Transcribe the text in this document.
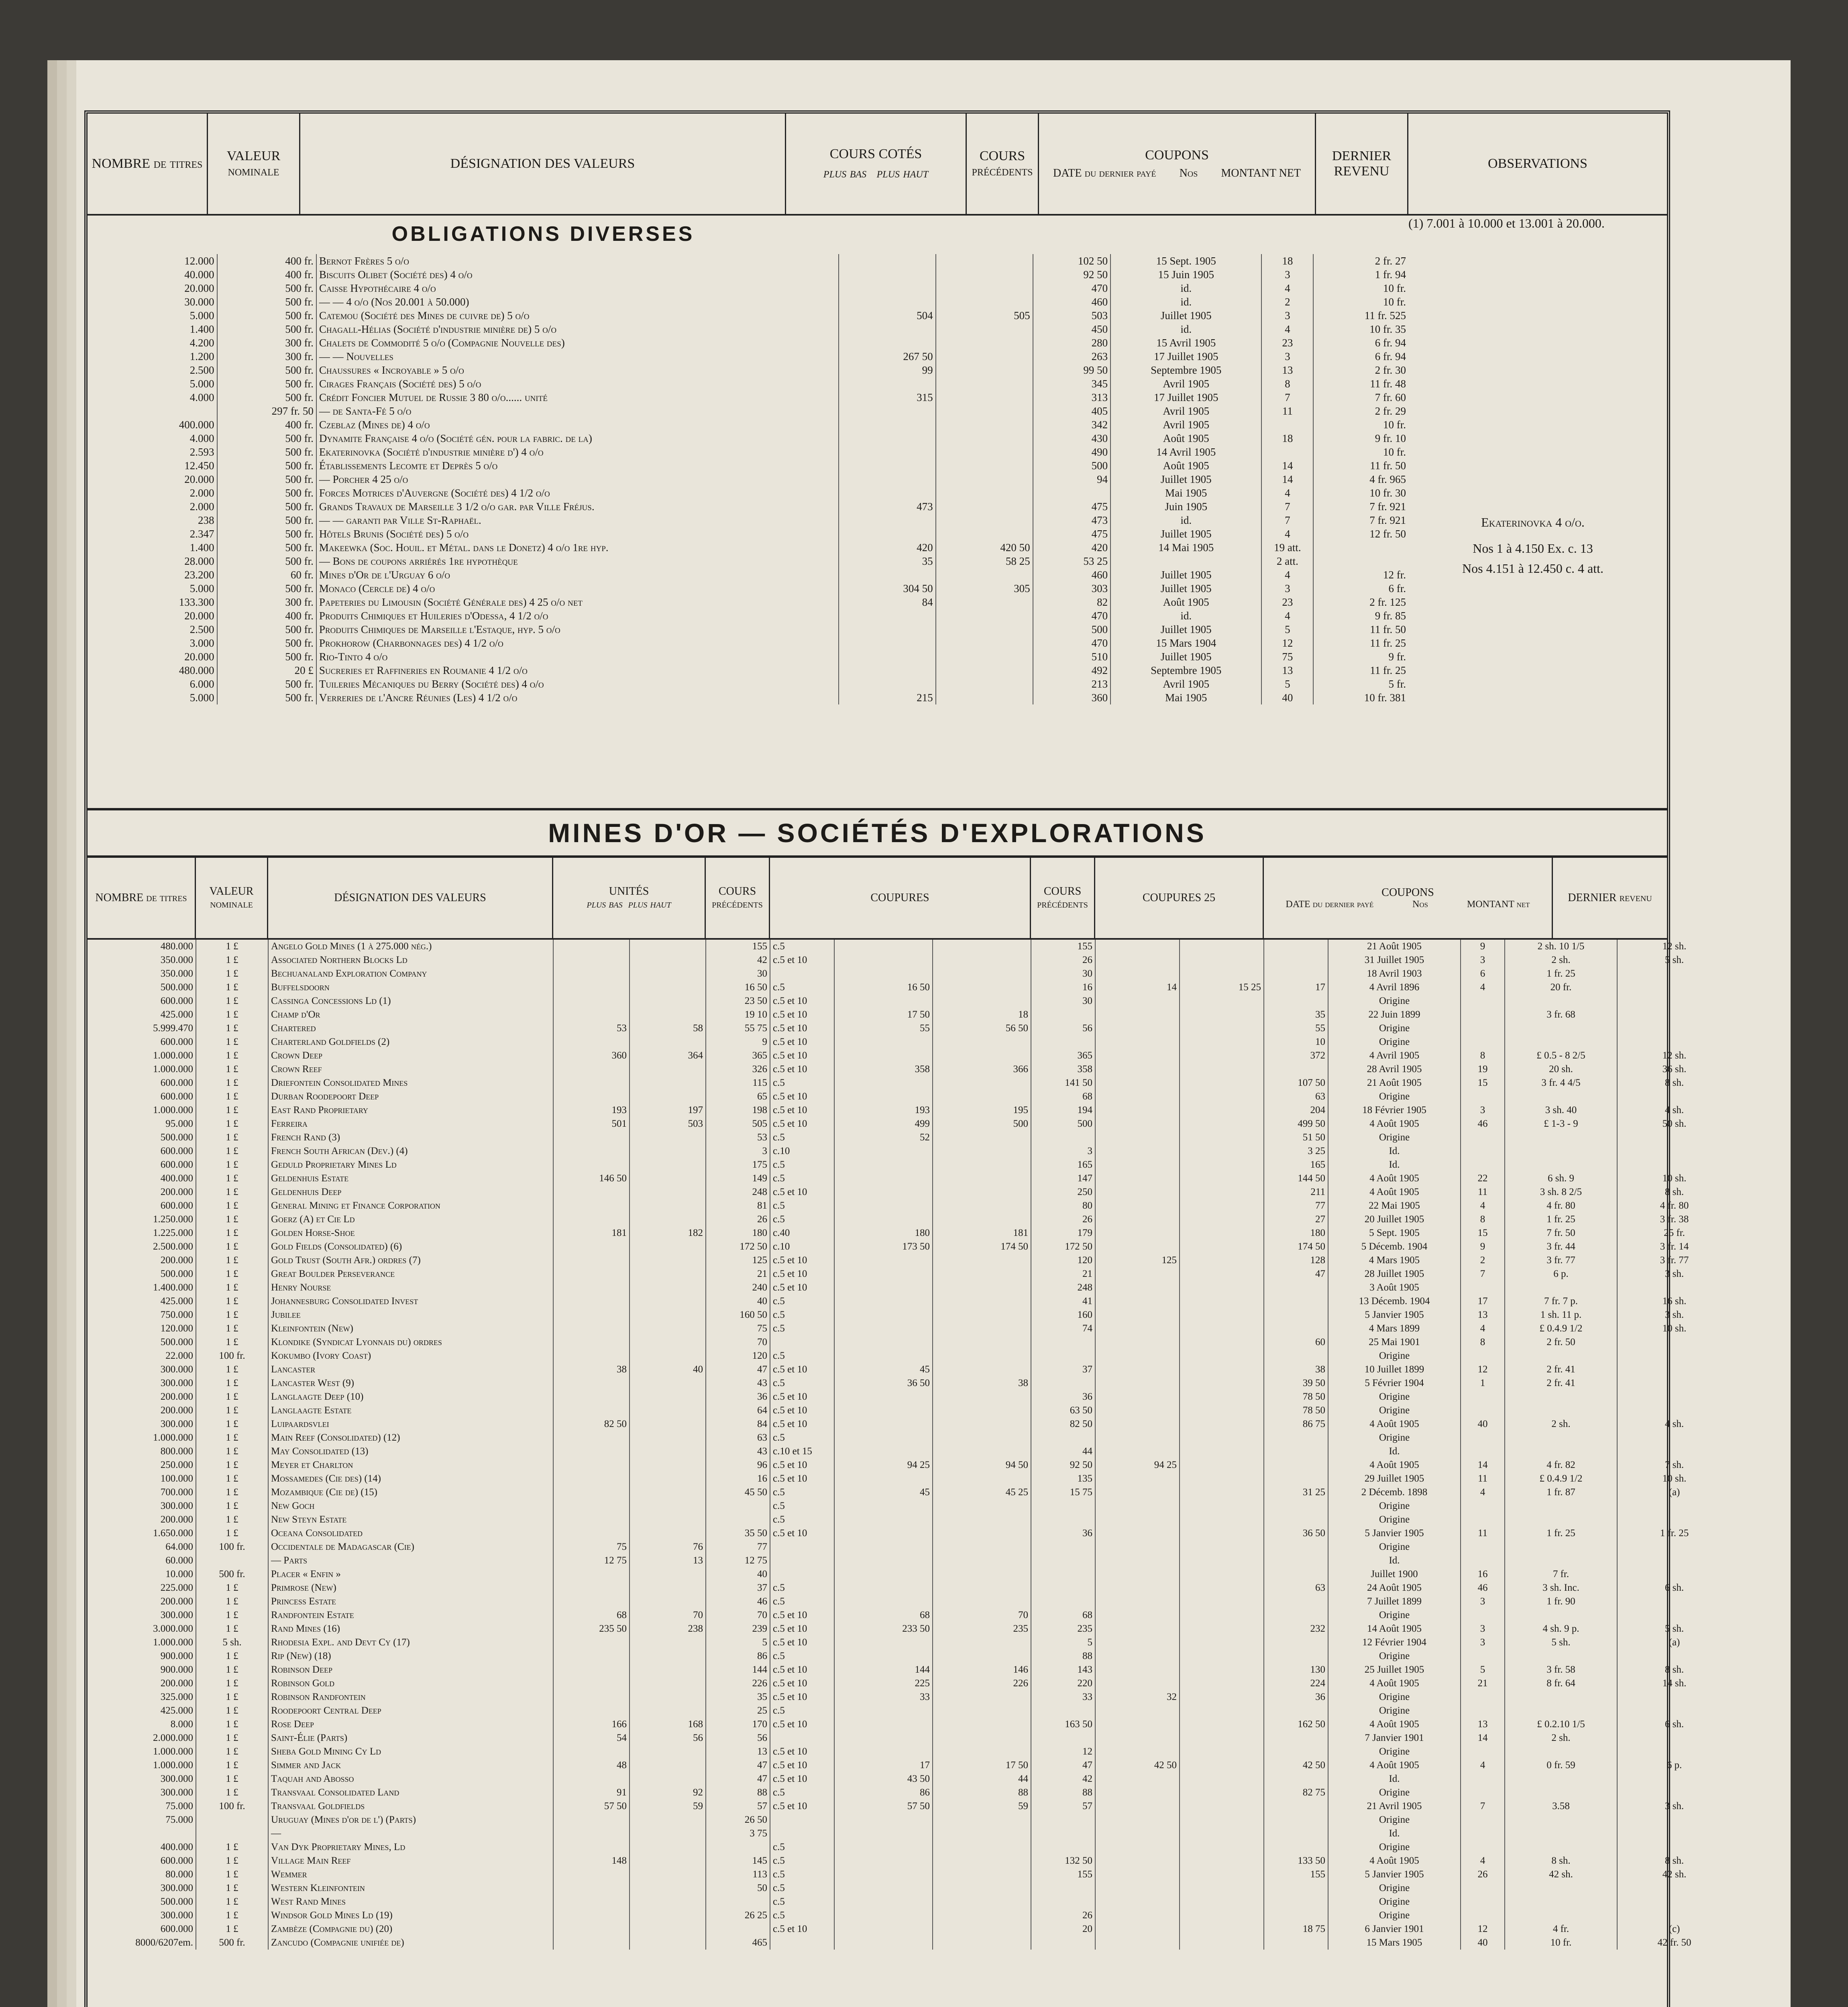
NOMBRE de titres
VALEUR nominale
DÉSIGNATION DES VALEURS
COURS COTÉS
plus bas plus haut
COURS précédents
COUPONS
DATE du dernier payé Nos MONTANT NET
DERNIER REVENU
OBSERVATIONS
OBLIGATIONS DIVERSES	(1) 7.001 à 10.000 et 13.001 à 20.000.
Ekaterinovka 4 o/o.
Nos 1 à 4.150 Ex. c. 13
Nos 4.151 à 12.450 c. 4 att.
12.000	400 fr.	Bernot Frères 5 o/o			102 50	15 Sept. 1905	18	2 fr. 27
40.000	400 fr.	Biscuits Olibet (Société des) 4 o/o			92 50	15 Juin 1905	3	1 fr. 94
20.000	500 fr.	Caisse Hypothécaire 4 o/o			470	id.	4	10 fr.
30.000	500 fr.	— — 4 o/o (Nos 20.001 à 50.000)			460	id.	2	10 fr.
5.000	500 fr.	Catemou (Société des Mines de cuivre de) 5 o/o	504	505	503	Juillet 1905	3	11 fr. 525
1.400	500 fr.	Chagall-Hélias (Société d'industrie minière de) 5 o/o			450	id.	4	10 fr. 35
4.200	300 fr.	Chalets de Commodité 5 o/o (Compagnie Nouvelle des)			280	15 Avril 1905	23	6 fr. 94
1.200	300 fr.	— — Nouvelles	267 50		263	17 Juillet 1905	3	6 fr. 94
2.500	500 fr.	Chaussures « Incroyable » 5 o/o	99		99 50	Septembre 1905	13	2 fr. 30
5.000	500 fr.	Cirages Français (Société des) 5 o/o			345	Avril 1905	8	11 fr. 48
4.000	500 fr.	Crédit Foncier Mutuel de Russie 3 80 o/o...... unité	315		313	17 Juillet 1905	7	7 fr. 60
	297 fr. 50	— de Santa-Fé 5 o/o			405	Avril 1905	11	2 fr. 29
400.000	400 fr.	Czeblaz (Mines de) 4 o/o			342	Avril 1905		10 fr.
4.000	500 fr.	Dynamite Française 4 o/o (Société gén. pour la fabric. de la)			430	Août 1905	18	9 fr. 10
2.593	500 fr.	Ekaterinovka (Société d'industrie minière d') 4 o/o			490	14 Avril 1905		10 fr.
12.450	500 fr.	Établissements Lecomte et Deprès 5 o/o			500	Août 1905	14	11 fr. 50
20.000	500 fr.	— Porcher 4 25 o/o			94	Juillet 1905	14	4 fr. 965
2.000	500 fr.	Forces Motrices d'Auvergne (Société des) 4 1/2 o/o				Mai 1905	4	10 fr. 30
2.000	500 fr.	Grands Travaux de Marseille 3 1/2 o/o gar. par Ville Fréjus.	473		475	Juin 1905	7	7 fr. 921
238	500 fr.	— — garanti par Ville St-Raphaël.			473	id.	7	7 fr. 921
2.347	500 fr.	Hôtels Brunis (Société des) 5 o/o			475	Juillet 1905	4	12 fr. 50
1.400	500 fr.	Makeewka (Soc. Houil. et Métal. dans le Donetz) 4 o/o 1re hyp.	420	420 50	420	14 Mai 1905	19 att.	
28.000	500 fr.	— Bons de coupons arriérés 1re hypothèque	35	58 25	53 25		2 att.	
23.200	60 fr.	Mines d'Or de l'Urguay 6 o/o			460	Juillet 1905	4	12 fr.
5.000	500 fr.	Monaco (Cercle de) 4 o/o	304 50	305	303	Juillet 1905	3	6 fr.
133.300	300 fr.	Papeteries du Limousin (Société Générale des) 4 25 o/o net	84		82	Août 1905	23	2 fr. 125
20.000	400 fr.	Produits Chimiques et Huileries d'Odessa, 4 1/2 o/o			470	id.	4	9 fr. 85
2.500	500 fr.	Produits Chimiques de Marseille l'Estaque, hyp. 5 o/o			500	Juillet 1905	5	11 fr. 50
3.000	500 fr.	Prokhorow (Charbonnages des) 4 1/2 o/o			470	15 Mars 1904	12	11 fr. 25
20.000	500 fr.	Rio-Tinto 4 o/o			510	Juillet 1905	75	9 fr.
480.000	20 £	Sucreries et Raffineries en Roumanie 4 1/2 o/o			492	Septembre 1905	13	11 fr. 25
6.000	500 fr.	Tuileries Mécaniques du Berry (Société des) 4 o/o			213	Avril 1905	5	5 fr.
5.000	500 fr.	Verreries de l'Ancre Réunies (Les) 4 1/2 o/o	215		360	Mai 1905	40	10 fr. 381
MINES D'OR — SOCIÉTÉS D'EXPLORATIONS
NOMBRE de titres
VALEUR nominale
DÉSIGNATION DES VALEURS
UNITÉS
plus bas plus haut
COURS précédents
COUPURES
COURS précédents
COUPURES 25	COUPONS
DATE du dernier payé	Nos	MONTANT net
DERNIER revenu
480.000	1 £	Angelo Gold Mines (1 à 275.000 nég.)			155	c.5			155				21 Août 1905	9	2 sh. 10 1/5	12 sh.
350.000	1 £	Associated Northern Blocks Ld			42	c.5 et 10			26				31 Juillet 1905	3	2 sh.	5 sh.
350.000	1 £	Bechuanaland Exploration Company			30				30				18 Avril 1903	6	1 fr. 25	
500.000	1 £	Buffelsdoorn			16 50	c.5	16 50		16	14	15 25	17	4 Avril 1896	4	20 fr.	
600.000	1 £	Cassinga Concessions Ld (1)			23 50	c.5 et 10			30				Origine			
425.000	1 £	Champ d'Or			19 10	c.5 et 10	17 50	18				35	22 Juin 1899		3 fr. 68	
5.999.470	1 £	Chartered	53	58	55 75	c.5 et 10	55	56 50	56			55	Origine			
600.000	1 £	Charterland Goldfields (2)			9	c.5 et 10						10	Origine			
1.000.000	1 £	Crown Deep	360	364	365	c.5 et 10			365			372	4 Avril 1905	8	£ 0.5 - 8 2/5	12 sh.
1.000.000	1 £	Crown Reef			326	c.5 et 10	358	366	358				28 Avril 1905	19	20 sh.	36 sh.
600.000	1 £	Driefontein Consolidated Mines			115	c.5			141 50			107 50	21 Août 1905	15	3 fr. 4 4/5	8 sh.
600.000	1 £	Durban Roodepoort Deep			65	c.5 et 10			68			63	Origine			
1.000.000	1 £	East Rand Proprietary	193	197	198	c.5 et 10	193	195	194			204	18 Février 1905	3	3 sh. 40	4 sh.
95.000	1 £	Ferreira	501	503	505	c.5 et 10	499	500	500			499 50	4 Août 1905	46	£ 1-3 - 9	50 sh.
500.000	1 £	French Rand (3)			53	c.5	52					51 50	Origine			
600.000	1 £	French South African (Dev.) (4)			3	c.10			3			3 25	Id.			
600.000	1 £	Geduld Proprietary Mines Ld			175	c.5			165			165	Id.			
400.000	1 £	Geldenhuis Estate	146 50		149	c.5			147			144 50	4 Août 1905	22	6 sh. 9	10 sh.
200.000	1 £	Geldenhuis Deep			248	c.5 et 10			250			211	4 Août 1905	11	3 sh. 8 2/5	8 sh.
600.000	1 £	General Mining et Finance Corporation			81	c.5			80			77	22 Mai 1905	4	4 fr. 80	4 fr. 80
1.250.000	1 £	Goerz (A) et Cie Ld			26	c.5			26			27	20 Juillet 1905	8	1 fr. 25	3 fr. 38
1.225.000	1 £	Golden Horse-Shoe	181	182	180	c.40	180	181	179			180	5 Sept. 1905	15	7 fr. 50	25 fr.
2.500.000	1 £	Gold Fields (Consolidated) (6)			172 50	c.10	173 50	174 50	172 50			174 50	5 Décemb. 1904	9	3 fr. 44	3 fr. 14
200.000	1 £	Gold Trust (South Afr.) ordres (7)			125	c.5 et 10			120	125		128	4 Mars 1905	2	3 fr. 77	3 fr. 77
500.000	1 £	Great Boulder Perseverance			21	c.5 et 10			21			47	28 Juillet 1905	7	6 p.	3 sh.
1.400.000	1 £	Henry Nourse			240	c.5 et 10			248				3 Août 1905			
425.000	1 £	Johannesburg Consolidated Invest			40	c.5			41				13 Décemb. 1904	17	7 fr. 7 p.	16 sh.
750.000	1 £	Jubilee			160 50	c.5			160				5 Janvier 1905	13	1 sh. 11 p.	3 sh.
120.000	1 £	Kleinfontein (New)			75	c.5			74				4 Mars 1899	4	£ 0.4.9 1/2	10 sh.
500.000	1 £	Klondike (Syndicat Lyonnais du) ordres			70							60	25 Mai 1901	8	2 fr. 50	
22.000	100 fr.	Kokumbo (Ivory Coast)			120	c.5							Origine			
300.000	1 £	Lancaster	38	40	47	c.5 et 10	45		37			38	10 Juillet 1899	12	2 fr. 41	
300.000	1 £	Lancaster West (9)			43	c.5	36 50	38				39 50	5 Février 1904	1	2 fr. 41	
200.000	1 £	Langlaagte Deep (10)			36	c.5 et 10			36			78 50	Origine			
200.000	1 £	Langlaagte Estate			64	c.5 et 10			63 50			78 50	Origine			
300.000	1 £	Luipaardsvlei	82 50		84	c.5 et 10			82 50			86 75	4 Août 1905	40	2 sh.	4 sh.
1.000.000	1 £	Main Reef (Consolidated) (12)			63	c.5							Origine			
800.000	1 £	May Consolidated (13)			43	c.10 et 15			44				Id.			
250.000	1 £	Meyer et Charlton			96	c.5 et 10	94 25	94 50	92 50	94 25			4 Août 1905	14	4 fr. 82	7 sh.
100.000	1 £	Mossamedes (Cie des) (14)			16	c.5 et 10			135				29 Juillet 1905	11	£ 0.4.9 1/2	10 sh.
700.000	1 £	Mozambique (Cie de) (15)			45 50	c.5	45	45 25	15 75			31 25	2 Décemb. 1898	4	1 fr. 87	(a)
300.000	1 £	New Goch				c.5							Origine			
200.000	1 £	New Steyn Estate				c.5							Origine			
1.650.000	1 £	Oceana Consolidated			35 50	c.5 et 10			36			36 50	5 Janvier 1905	11	1 fr. 25	1 fr. 25
64.000	100 fr.	Occidentale de Madagascar (Cie)	75	76	77								Origine			
60.000		— Parts	12 75	13	12 75								Id.			
10.000	500 fr.	Placer « Enfin »			40								Juillet 1900	16	7 fr.	
225.000	1 £	Primrose (New)			37	c.5						63	24 Août 1905	46	3 sh. Inc.	6 sh.
200.000	1 £	Princess Estate			46	c.5							7 Juillet 1899	3	1 fr. 90	
300.000	1 £	Randfontein Estate	68	70	70	c.5 et 10	68	70	68				Origine			
3.000.000	1 £	Rand Mines (16)	235 50	238	239	c.5 et 10	233 50	235	235			232	14 Août 1905	3	4 sh. 9 p.	5 sh.
1.000.000	5 sh.	Rhodesia Expl. and Devt Cy (17)			5	c.5 et 10			5				12 Février 1904	3	5 sh.	(a)
900.000	1 £	Rip (New) (18)			86	c.5			88				Origine			
900.000	1 £	Robinson Deep			144	c.5 et 10	144	146	143			130	25 Juillet 1905	5	3 fr. 58	8 sh.
200.000	1 £	Robinson Gold			226	c.5 et 10	225	226	220			224	4 Août 1905	21	8 fr. 64	14 sh.
325.000	1 £	Robinson Randfontein			35	c.5 et 10	33		33	32		36	Origine			
425.000	1 £	Roodepoort Central Deep			25	c.5							Origine			
8.000	1 £	Rose Deep	166	168	170	c.5 et 10			163 50			162 50	4 Août 1905	13	£ 0.2.10 1/5	6 sh.
2.000.000	1 £	Saint-Élie (Parts)	54	56	56								7 Janvier 1901	14	2 sh.	
1.000.000	1 £	Sheba Gold Mining Cy Ld			13	c.5 et 10			12				Origine			
1.000.000	1 £	Simmer and Jack	48		47	c.5 et 10	17	17 50	47	42 50		42 50	4 Août 1905	4	0 fr. 59	6 p.
300.000	1 £	Taquah and Abosso			47	c.5 et 10	43 50	44	42				Id.			
300.000	1 £	Transvaal Consolidated Land	91	92	88	c.5	86	88	88			82 75	Origine			
75.000	100 fr.	Transvaal Goldfields	57 50	59	57	c.5 et 10	57 50	59	57				21 Avril 1905	7	3.58	3 sh.
75.000		Uruguay (Mines d'or de l') (Parts)			26 50								Origine			
		—			3 75								Id.			
400.000	1 £	Van Dyk Proprietary Mines, Ld				c.5							Origine			
600.000	1 £	Village Main Reef	148		145	c.5			132 50			133 50	4 Août 1905	4	8 sh.	8 sh.
80.000	1 £	Wemmer			113	c.5			155			155	5 Janvier 1905	26	42 sh.	42 sh.
300.000	1 £	Western Kleinfontein			50	c.5							Origine			
500.000	1 £	West Rand Mines				c.5							Origine			
300.000	1 £	Windsor Gold Mines Ld (19)			26 25	c.5			26				Origine			
600.000	1 £	Zambèze (Compagnie du) (20)				c.5 et 10			20			18 75	6 Janvier 1901	12	4 fr.	(c)
8000/6207em.	500 fr.	Zancudo (Compagnie unifiée de)			465								15 Mars 1905	40	10 fr.	42 fr. 50
